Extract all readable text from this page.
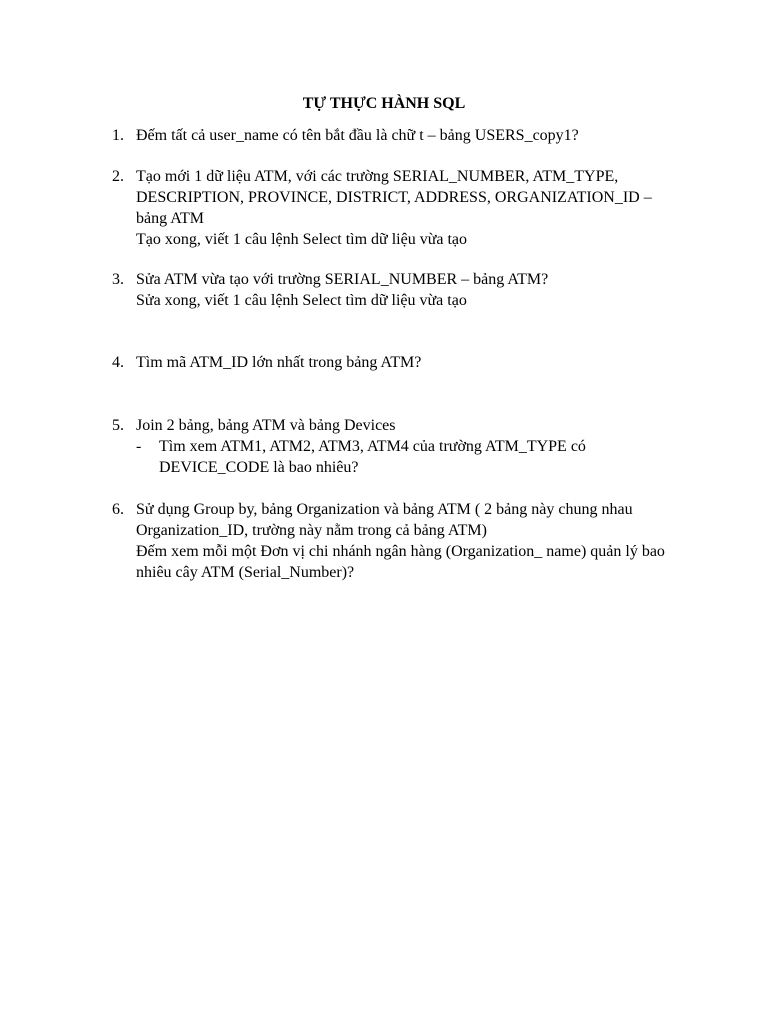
TỰ THỰC HÀNH SQL
1. Đếm tất cả user_name có tên bắt đầu là chữ t – bảng USERS_copy1?
2. Tạo mới 1 dữ liệu ATM, với các trường SERIAL_NUMBER, ATM_TYPE,
DESCRIPTION, PROVINCE, DISTRICT, ADDRESS, ORGANIZATION_ID –
bảng ATM
Tạo xong, viết 1 câu lệnh Select tìm dữ liệu vừa tạo
3. Sửa ATM vừa tạo với trường SERIAL_NUMBER – bảng ATM?
Sửa xong, viết 1 câu lệnh Select tìm dữ liệu vừa tạo
4. Tìm mã ATM_ID lớn nhất trong bảng ATM?
5. Join 2 bảng, bảng ATM và bảng Devices
- Tìm xem ATM1, ATM2, ATM3, ATM4 của trường ATM_TYPE có
DEVICE_CODE là bao nhiêu?
6. Sử dụng Group by, bảng Organization và bảng ATM ( 2 bảng này chung nhau
Organization_ID, trường này nằm trong cả bảng ATM)
Đếm xem mỗi một Đơn vị chi nhánh ngân hàng (Organization_ name) quản lý bao
nhiêu cây ATM (Serial_Number)?
